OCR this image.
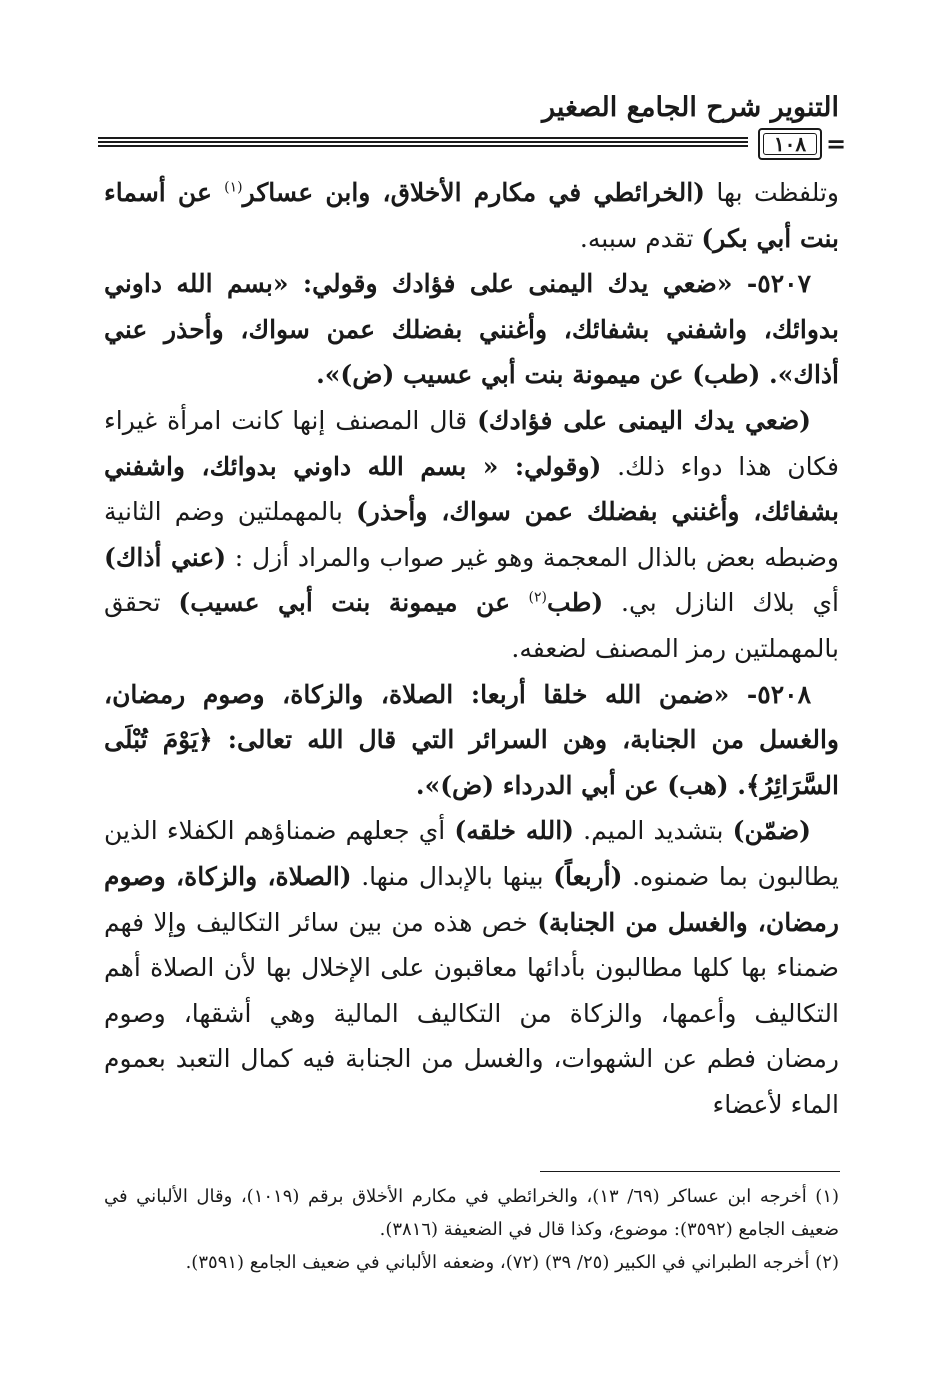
التنوير شرح الجامع الصغير
١٠٨ =

وتلفظت بها (الخرائطي في مكارم الأخلاق، وابن عساكر$^{(١)}$ عن أسماء بنت أبي بكر) تقدم سببه.

٥٢٠٧- «ضعي يدك اليمنى على فؤادك وقولي: «بسم الله داوني بدوائك، واشفني بشفائك، وأغنني بفضلك عمن سواك، وأحذر عني أذاك». (طب) عن ميمونة بنت أبي عسيب (ض)».

(ضعي يدك اليمنى على فؤادك) قال المصنف إنها كانت امرأة غيراء فكان هذا دواء ذلك. (وقولي: « بسم الله داوني بدوائك، واشفني بشفائك، وأغنني بفضلك عمن سواك، وأحذر) بالمهملتين وضم الثانية وضبطه بعض بالذال المعجمة وهو غير صواب والمراد أزل : (عني أذاك) أي بلاك النازل بي. (طب$^{(٢)}$ عن ميمونة بنت أبي عسيب) تحقق بالمهملتين رمز المصنف لضعفه.

٥٢٠٨- «ضمن الله خلقا أربعا: الصلاة، والزكاة، وصوم رمضان، والغسل من الجنابة، وهن السرائر التي قال الله تعالى: ﴿يَوْمَ تُبْلَى السَّرَائِرُ﴾. (هب) عن أبي الدرداء (ض)».

(ضمّن) بتشديد الميم. (الله خلقه) أي جعلهم ضمناؤهم الكفلاء الذين يطالبون بما ضمنوه. (أربعاً) بينها بالإبدال منها. (الصلاة، والزكاة، وصوم رمضان، والغسل من الجنابة) خص هذه من بين سائر التكاليف وإلا فهم ضمناء بها كلها مطالبون بأدائها معاقبون على الإخلال بها لأن الصلاة أهم التكاليف وأعمها، والزكاة من التكاليف المالية وهي أشقها، وصوم رمضان فطم عن الشهوات، والغسل من الجنابة فيه كمال التعبد بعموم الماء لأعضاء

(١) أخرجه ابن عساكر (٦٩/ ١٣)، والخرائطي في مكارم الأخلاق برقم (١٠١٩)، وقال الألباني في ضعيف الجامع (٣٥٩٢): موضوع، وكذا قال في الضعيفة (٣٨١٦).

(٢) أخرجه الطبراني في الكبير (٢٥/ ٣٩) (٧٢)، وضعفه الألباني في ضعيف الجامع (٣٥٩١).
